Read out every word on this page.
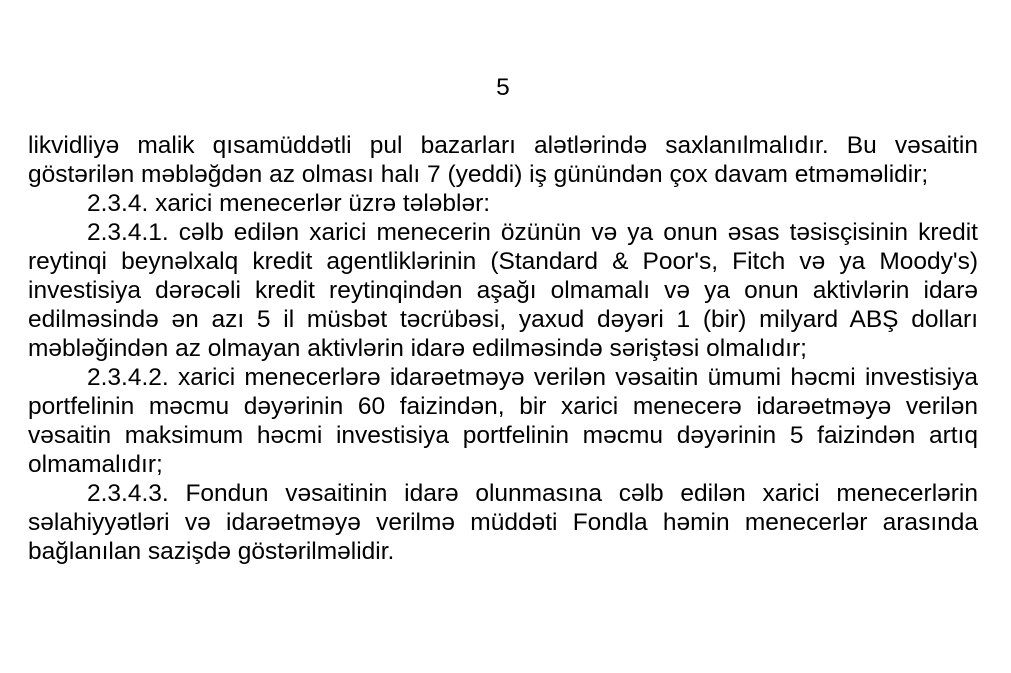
5

likvidliyə malik qısamüddətli pul bazarları alətlərində saxlanılmalıdır. Bu vəsaitin göstərilən məbləğdən az olması halı 7 (yeddi) iş günündən çox davam etməməlidir;

2.3.4. xarici menecerlər üzrə tələblər:

2.3.4.1. cəlb edilən xarici menecerin özünün və ya onun əsas təsisçisinin kredit reytinqi beynəlxalq kredit agentliklərinin (Standard & Poor's, Fitch və ya Moody's) investisiya dərəcəli kredit reytinqindən aşağı olmamalı və ya onun aktivlərin idarə edilməsində ən azı 5 il müsbət təcrübəsi, yaxud dəyəri 1 (bir) milyard ABŞ dolları məbləğindən az olmayan aktivlərin idarə edilməsində səriştəsi olmalıdır;

2.3.4.2. xarici menecerlərə idarəetməyə verilən vəsaitin ümumi həcmi investisiya portfelinin məcmu dəyərinin 60 faizindən, bir xarici menecerə idarəetməyə verilən vəsaitin maksimum həcmi investisiya portfelinin məcmu dəyərinin 5 faizindən artıq olmamalıdır;

2.3.4.3. Fondun vəsaitinin idarə olunmasına cəlb edilən xarici menecerlərin səlahiyyətləri və idarəetməyə verilmə müddəti Fondla həmin menecerlər arasında bağlanılan sazişdə göstərilməlidir.
